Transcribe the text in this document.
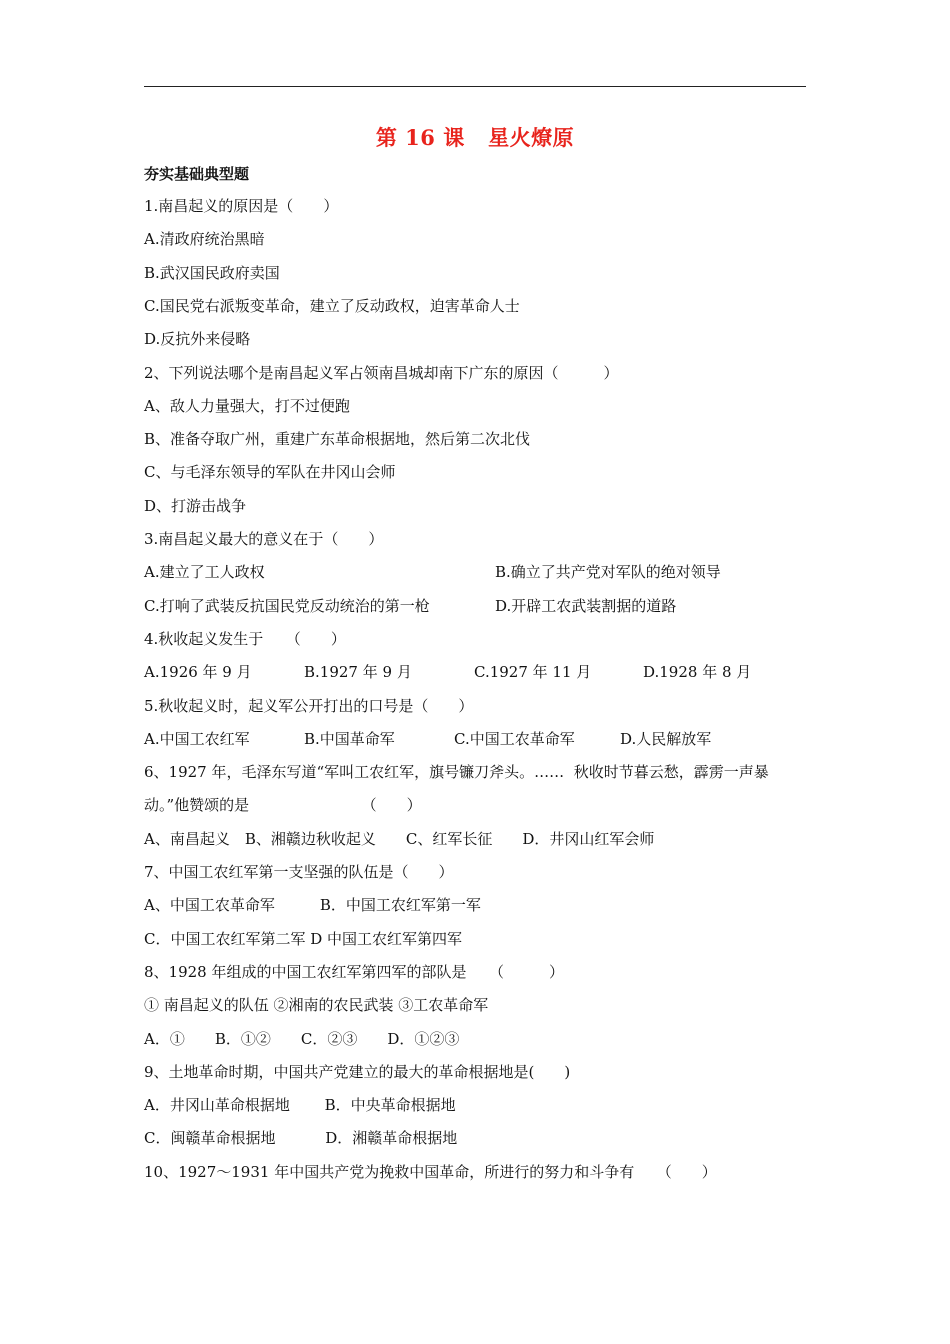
第 16 课   星火燎原
夯实基础典型题
1.南昌起义的原因是（　　）
A.清政府统治黑暗
B.武汉国民政府卖国
C.国民党右派叛变革命，建立了反动政权，迫害革命人士
D.反抗外来侵略
2、下列说法哪个是南昌起义军占领南昌城却南下广东的原因（　　　）
A、敌人力量强大，打不过便跑
B、准备夺取广州，重建广东革命根据地，然后第二次北伐
C、与毛泽东领导的军队在井冈山会师
D、打游击战争
3.南昌起义最大的意义在于（　　）
A.建立了工人政权	B.确立了共产党对军队的绝对领导
C.打响了武装反抗国民党反动统治的第一枪	D.开辟工农武装割据的道路
4.秋收起义发生于　　（　　）
A.1926 年 9 月	B.1927 年 9 月	C.1927 年 11 月	D.1928 年 8 月
5.秋收起义时，起义军公开打出的口号是（　　）
A.中国工农红军	B.中国革命军	C.中国工农革命军	D.人民解放军
6、1927 年，毛泽东写道“军叫工农红军，旗号镰刀斧头。……  秋收时节暮云愁，霹雳一声暴
动。”他赞颂的是　　　　　　　　（　　）
A、南昌起义　B、湘赣边秋收起义　　C、红军长征　　D．井冈山红军会师
7、中国工农红军第一支坚强的队伍是（　　）
A、中国工农革命军　　　B．中国工农红军第一军
C．中国工农红军第二军 D 中国工农红军第四军
8、1928 年组成的中国工农红军第四军的部队是　　（　　　）
① 南昌起义的队伍 ②湘南的农民武装 ③工农革命军
A．①　　B．①②　　C．②③　　D．①②③
9、土地革命时期，中国共产党建立的最大的革命根据地是(　　)
A．井冈山革命根据地　　 B．中央革命根据地
C．闽赣革命根据地　　　 D．湘赣革命根据地
10、1927～1931 年中国共产党为挽救中国革命，所进行的努力和斗争有　　（　　）
